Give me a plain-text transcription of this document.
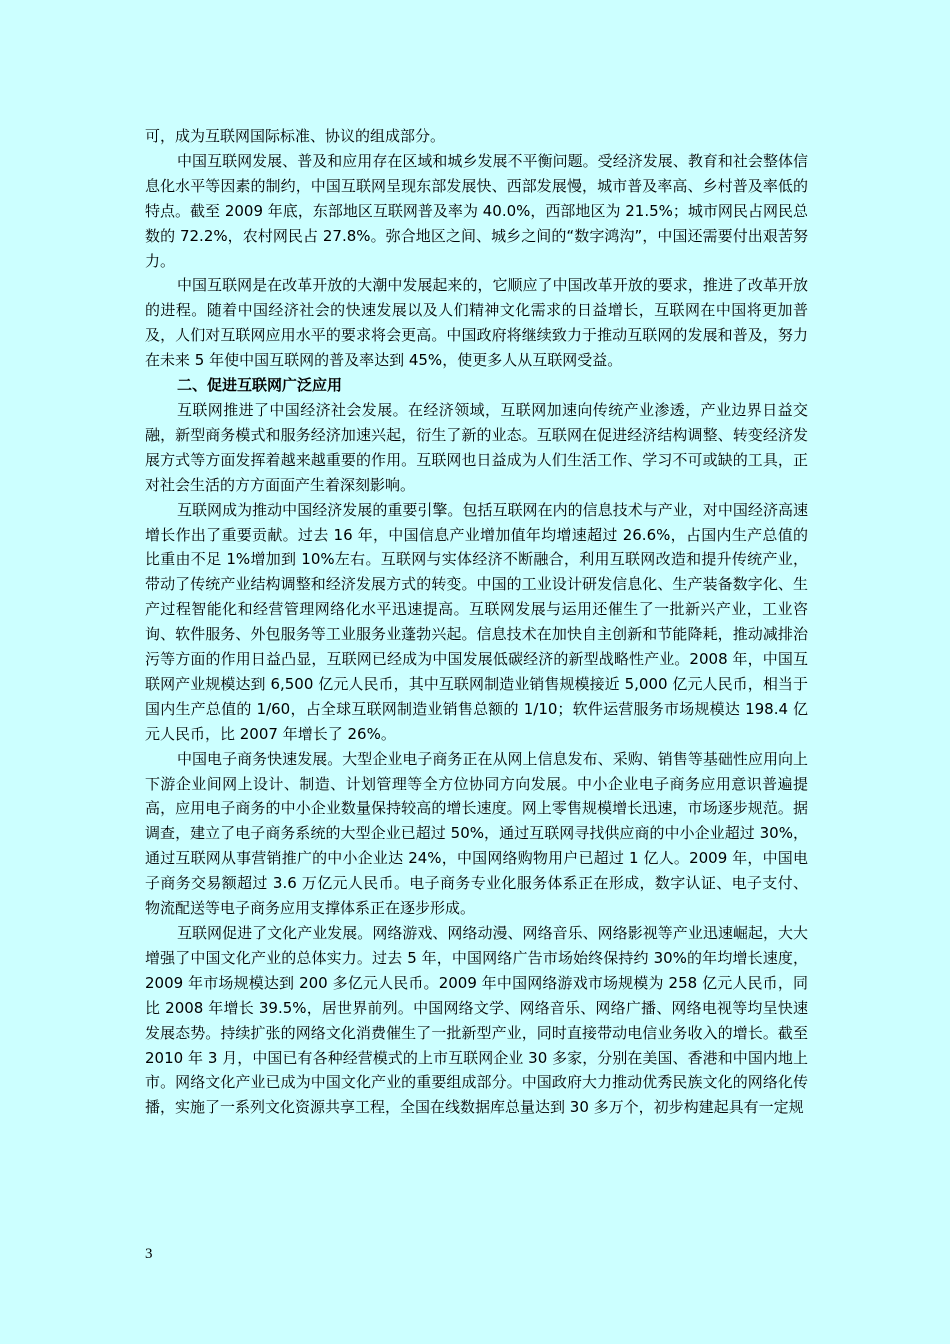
可，成为互联网国际标准、协议的组成部分。

中国互联网发展、普及和应用存在区域和城乡发展不平衡问题。受经济发展、教育和社会整体信息化水平等因素的制约，中国互联网呈现东部发展快、西部发展慢，城市普及率高、乡村普及率低的特点。截至 2009 年底，东部地区互联网普及率为 40.0%，西部地区为 21.5%；城市网民占网民总数的 72.2%，农村网民占 27.8%。弥合地区之间、城乡之间的“数字鸿沟”，中国还需要付出艰苦努力。

中国互联网是在改革开放的大潮中发展起来的，它顺应了中国改革开放的要求，推进了改革开放的进程。随着中国经济社会的快速发展以及人们精神文化需求的日益增长，互联网在中国将更加普及，人们对互联网应用水平的要求将会更高。中国政府将继续致力于推动互联网的发展和普及，努力在未来 5 年使中国互联网的普及率达到 45%，使更多人从互联网受益。

二、促进互联网广泛应用

互联网推进了中国经济社会发展。在经济领域，互联网加速向传统产业渗透，产业边界日益交融，新型商务模式和服务经济加速兴起，衍生了新的业态。互联网在促进经济结构调整、转变经济发展方式等方面发挥着越来越重要的作用。互联网也日益成为人们生活工作、学习不可或缺的工具，正对社会生活的方方面面产生着深刻影响。

互联网成为推动中国经济发展的重要引擎。包括互联网在内的信息技术与产业，对中国经济高速增长作出了重要贡献。过去 16 年，中国信息产业增加值年均增速超过 26.6%，占国内生产总值的比重由不足 1%增加到 10%左右。互联网与实体经济不断融合，利用互联网改造和提升传统产业，带动了传统产业结构调整和经济发展方式的转变。中国的工业设计研发信息化、生产装备数字化、生产过程智能化和经营管理网络化水平迅速提高。互联网发展与运用还催生了一批新兴产业，工业咨询、软件服务、外包服务等工业服务业蓬勃兴起。信息技术在加快自主创新和节能降耗，推动减排治污等方面的作用日益凸显，互联网已经成为中国发展低碳经济的新型战略性产业。2008 年，中国互联网产业规模达到 6,500 亿元人民币，其中互联网制造业销售规模接近 5,000 亿元人民币，相当于国内生产总值的 1/60，占全球互联网制造业销售总额的 1/10；软件运营服务市场规模达 198.4 亿元人民币，比 2007 年增长了 26%。

中国电子商务快速发展。大型企业电子商务正在从网上信息发布、采购、销售等基础性应用向上下游企业间网上设计、制造、计划管理等全方位协同方向发展。中小企业电子商务应用意识普遍提高，应用电子商务的中小企业数量保持较高的增长速度。网上零售规模增长迅速，市场逐步规范。据调查，建立了电子商务系统的大型企业已超过 50%，通过互联网寻找供应商的中小企业超过 30%，通过互联网从事营销推广的中小企业达 24%，中国网络购物用户已超过 1 亿人。2009 年，中国电子商务交易额超过 3.6 万亿元人民币。电子商务专业化服务体系正在形成，数字认证、电子支付、物流配送等电子商务应用支撑体系正在逐步形成。

互联网促进了文化产业发展。网络游戏、网络动漫、网络音乐、网络影视等产业迅速崛起，大大增强了中国文化产业的总体实力。过去 5 年，中国网络广告市场始终保持约 30%的年均增长速度，2009 年市场规模达到 200 多亿元人民币。2009 年中国网络游戏市场规模为 258 亿元人民币，同比 2008 年增长 39.5%，居世界前列。中国网络文学、网络音乐、网络广播、网络电视等均呈快速发展态势。持续扩张的网络文化消费催生了一批新型产业，同时直接带动电信业务收入的增长。截至 2010 年 3 月，中国已有各种经营模式的上市互联网企业 30 多家，分别在美国、香港和中国内地上市。网络文化产业已成为中国文化产业的重要组成部分。中国政府大力推动优秀民族文化的网络化传播，实施了一系列文化资源共享工程，全国在线数据库总量达到 30 多万个，初步构建起具有一定规

3
